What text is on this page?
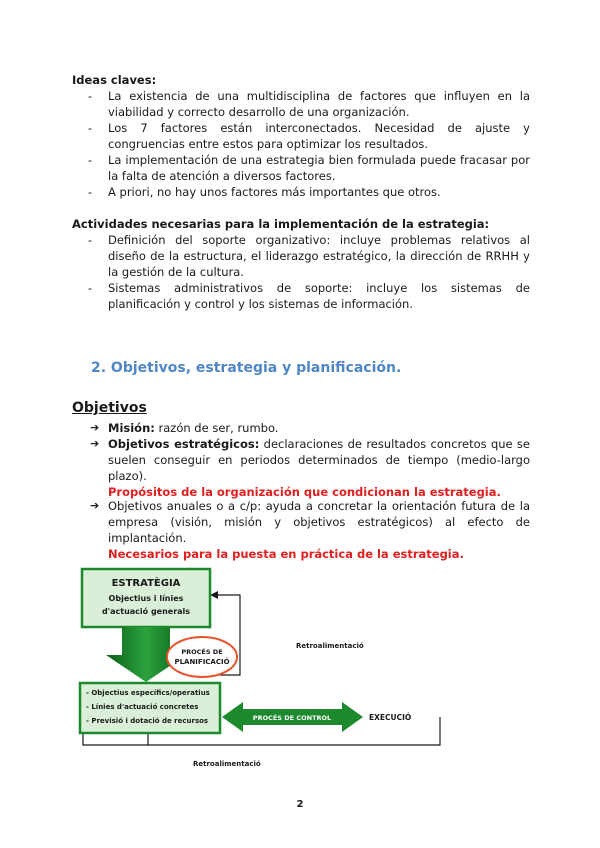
Ideas claves:
- La existencia de una multidisciplina de factores que influyen en la viabilidad y correcto desarrollo de una organización.
- Los 7 factores están interconectados. Necesidad de ajuste y congruencias entre estos para optimizar los resultados.
- La implementación de una estrategia bien formulada puede fracasar por la falta de atención a diversos factores.
- A priori, no hay unos factores más importantes que otros.
Actividades necesarias para la implementación de la estrategia:
- Definición del soporte organizativo: incluye problemas relativos al diseño de la estructura, el liderazgo estratégico, la dirección de RRHH y la gestión de la cultura.
- Sistemas administrativos de soporte: incluye los sistemas de planificación y control y los sistemas de información.
2. Objetivos, estrategia y planificación.
Objetivos
➔ Misión: razón de ser, rumbo.
➔ Objetivos estratégicos: declaraciones de resultados concretos que se suelen conseguir en periodos determinados de tiempo (medio-largo plazo).
Propósitos de la organización que condicionan la estrategia.
➔ Objetivos anuales o a c/p: ayuda a concretar la orientación futura de la empresa (visión, misión y objetivos estratégicos) al efecto de implantación.
Necesarios para la puesta en práctica de la estrategia.
ESTRATÈGIA
Objectius i línies
d'actuació generals
PROCÉS DE
PLANIFICACIÓ
- Objectius específics/operatius
- Línies d'actuació concretes
- Previsió i dotació de recursos	PROCÉS DE CONTROL	EXECUCIÓ
Retroalimentació
Retroalimentació
2
